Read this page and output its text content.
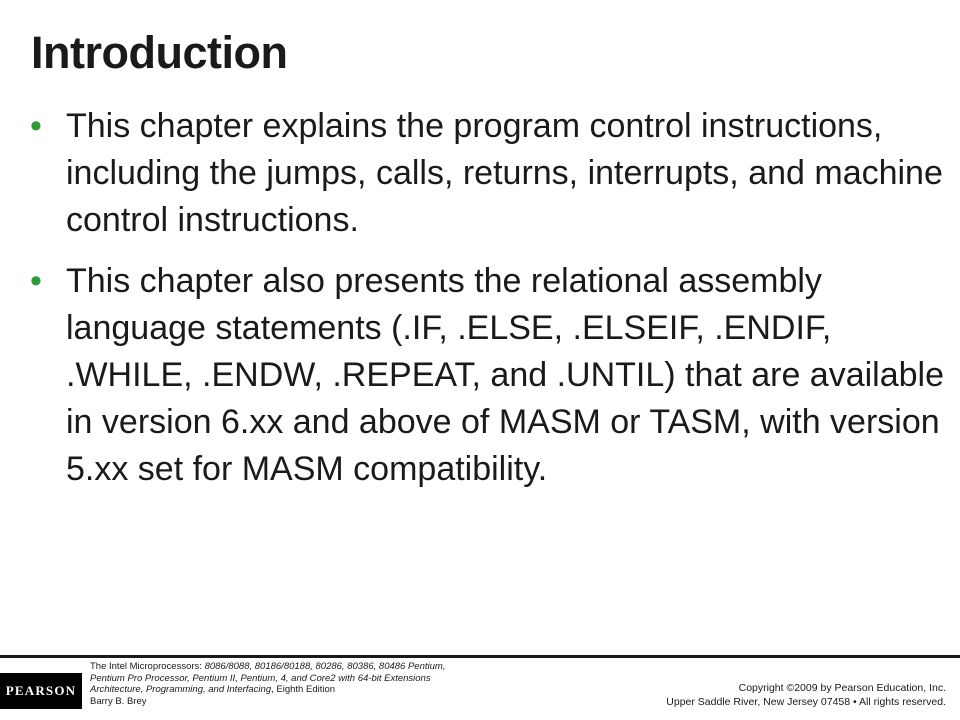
Introduction
• This chapter explains the program control instructions, including the jumps, calls, returns, interrupts, and machine control instructions.
• This chapter also presents the relational assembly language statements (.IF, .ELSE, .ELSEIF, .ENDIF, .WHILE, .ENDW, .REPEAT, and .UNTIL) that are available in version 6.xx and above of MASM or TASM, with version 5.xx set for MASM compatibility.
PEARSON
The Intel Microprocessors: 8086/8088, 80186/80188, 80286, 80386, 80486 Pentium,
Pentium Pro Processor, Pentium II, Pentium, 4, and Core2 with 64-bit Extensions
Architecture, Programming, and Interfacing, Eighth Edition
Barry B. Brey
Copyright ©2009 by Pearson Education, Inc.
Upper Saddle River, New Jersey 07458 • All rights reserved.
